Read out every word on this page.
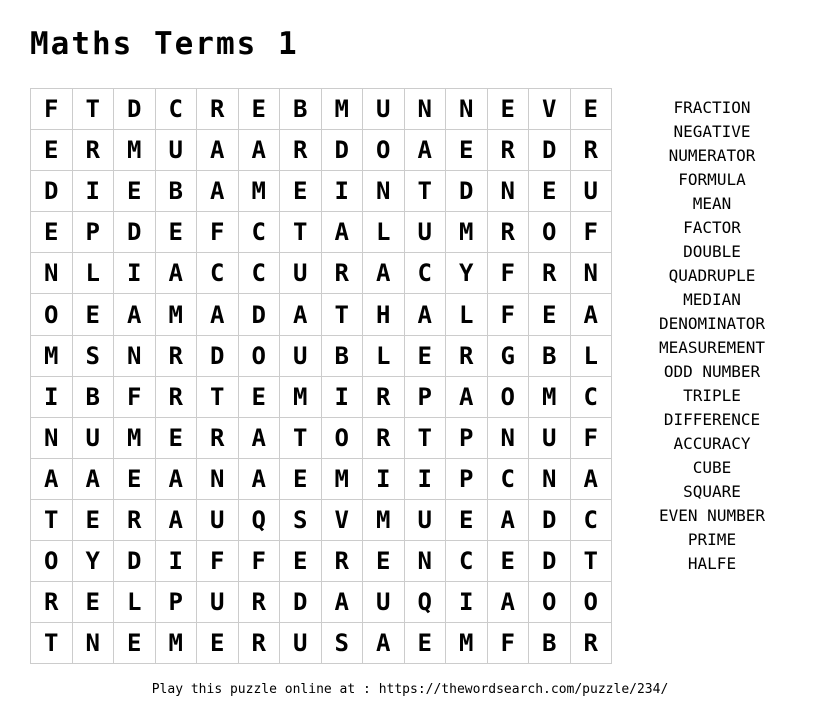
Maths Terms 1
F	T	D	C	R	E	B	M	U	N	N	E	V	E
E	R	M	U	A	A	R	D	O	A	E	R	D	R
D	I	E	B	A	M	E	I	N	T	D	N	E	U
E	P	D	E	F	C	T	A	L	U	M	R	O	F
N	L	I	A	C	C	U	R	A	C	Y	F	R	N
O	E	A	M	A	D	A	T	H	A	L	F	E	A
M	S	N	R	D	O	U	B	L	E	R	G	B	L
I	B	F	R	T	E	M	I	R	P	A	O	M	C
N	U	M	E	R	A	T	O	R	T	P	N	U	F
A	A	E	A	N	A	E	M	I	I	P	C	N	A
T	E	R	A	U	Q	S	V	M	U	E	A	D	C
O	Y	D	I	F	F	E	R	E	N	C	E	D	T
R	E	L	P	U	R	D	A	U	Q	I	A	O	O
T	N	E	M	E	R	U	S	A	E	M	F	B	R
FRACTION
NEGATIVE
NUMERATOR
FORMULA
MEAN
FACTOR
DOUBLE
QUADRUPLE
MEDIAN
DENOMINATOR
MEASUREMENT
ODD NUMBER
TRIPLE
DIFFERENCE
ACCURACY
CUBE
SQUARE
EVEN NUMBER
PRIME
HALFE
Play this puzzle online at : https://thewordsearch.com/puzzle/234/
